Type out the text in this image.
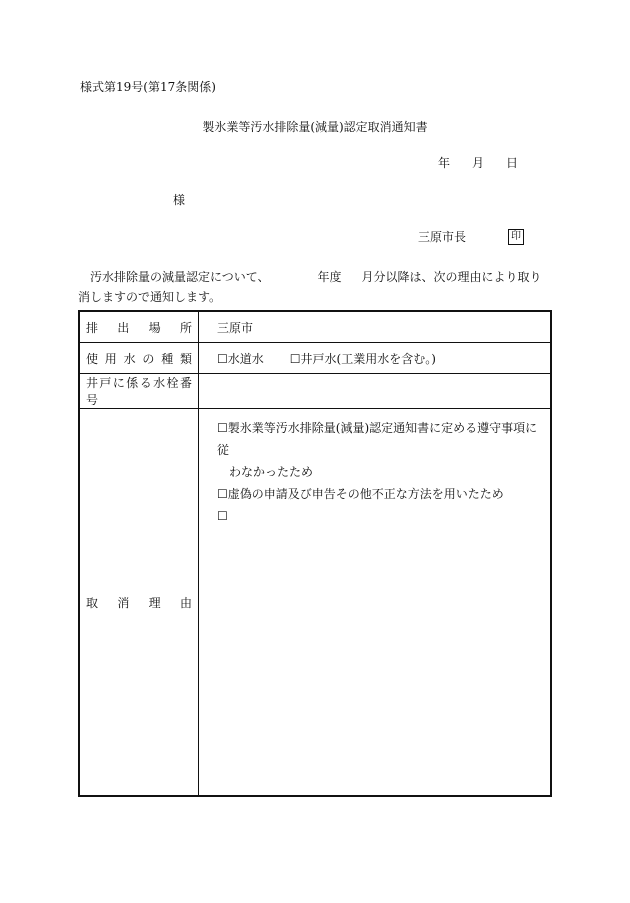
様式第19号(第17条関係)
製氷業等汚水排除量(減量)認定取消通知書
年 月 日
様
三原市長	印
汚水排除量の減量認定について、	年度 月分以降は、次の理由により取り
消しますので通知します。
排　出　場　所	三原市

使 用 水 の 種 類	☐水道水 ☐井戸水(工業用水を含む。)

井戸に係る水栓番号	

取　消　理　由	☐製氷業等汚水排除量(減量)認定通知書に定める遵守事項に従
わなかったため
☐虚偽の申請及び申告その他不正な方法を用いたため
☐
